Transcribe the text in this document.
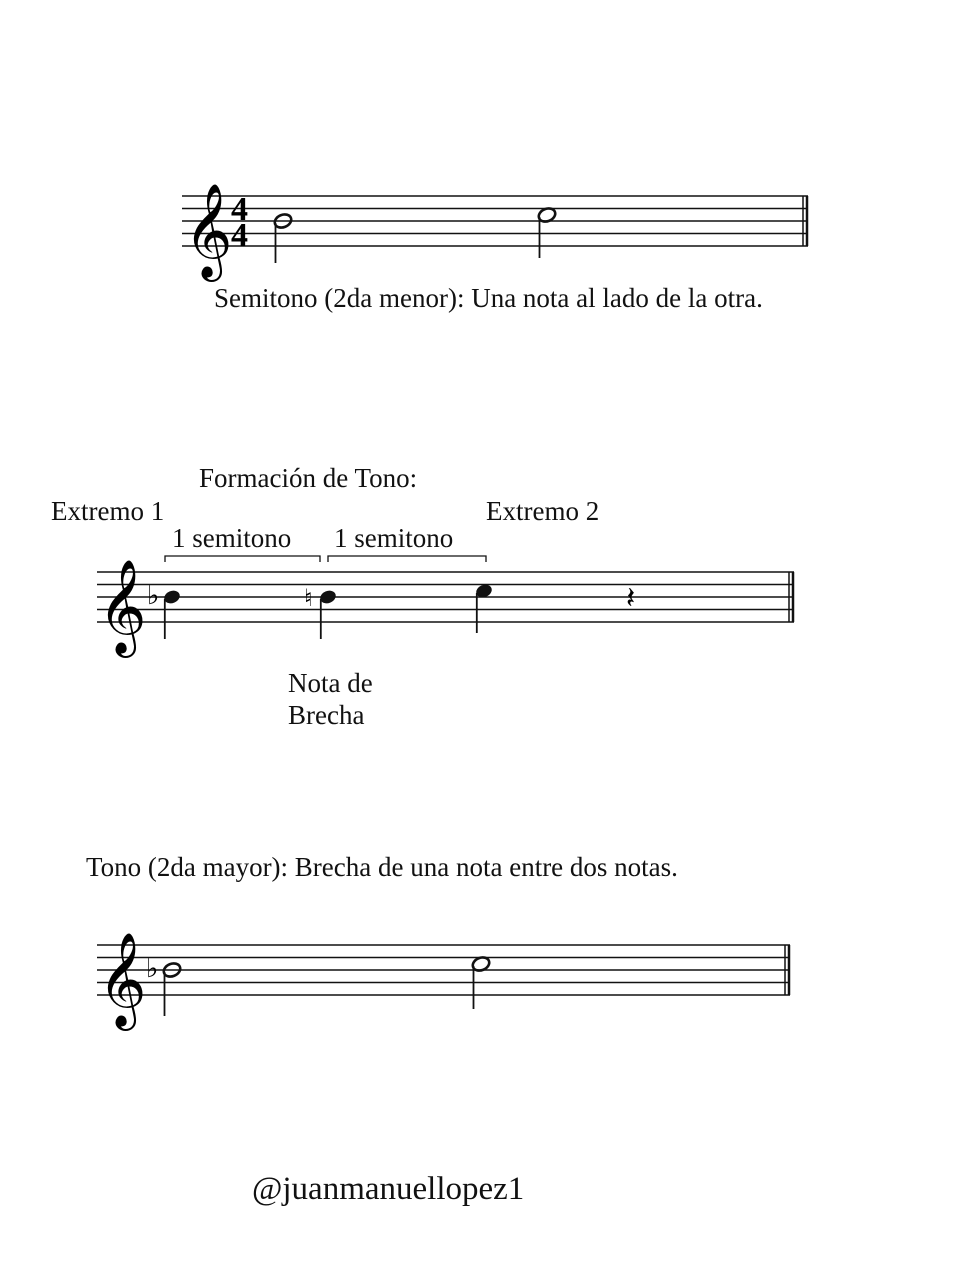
𝄞
4
4
Semitono (2da menor): Una nota al lado de la otra.
Formación de Tono:
Extremo 1	Extremo 2
1 semitono 1 semitono
𝄞 ♭	♮	𝄽
Nota de
Brecha
Tono (2da mayor): Brecha de una nota entre dos notas.
𝄞 ♭
@juanmanuellopez1
